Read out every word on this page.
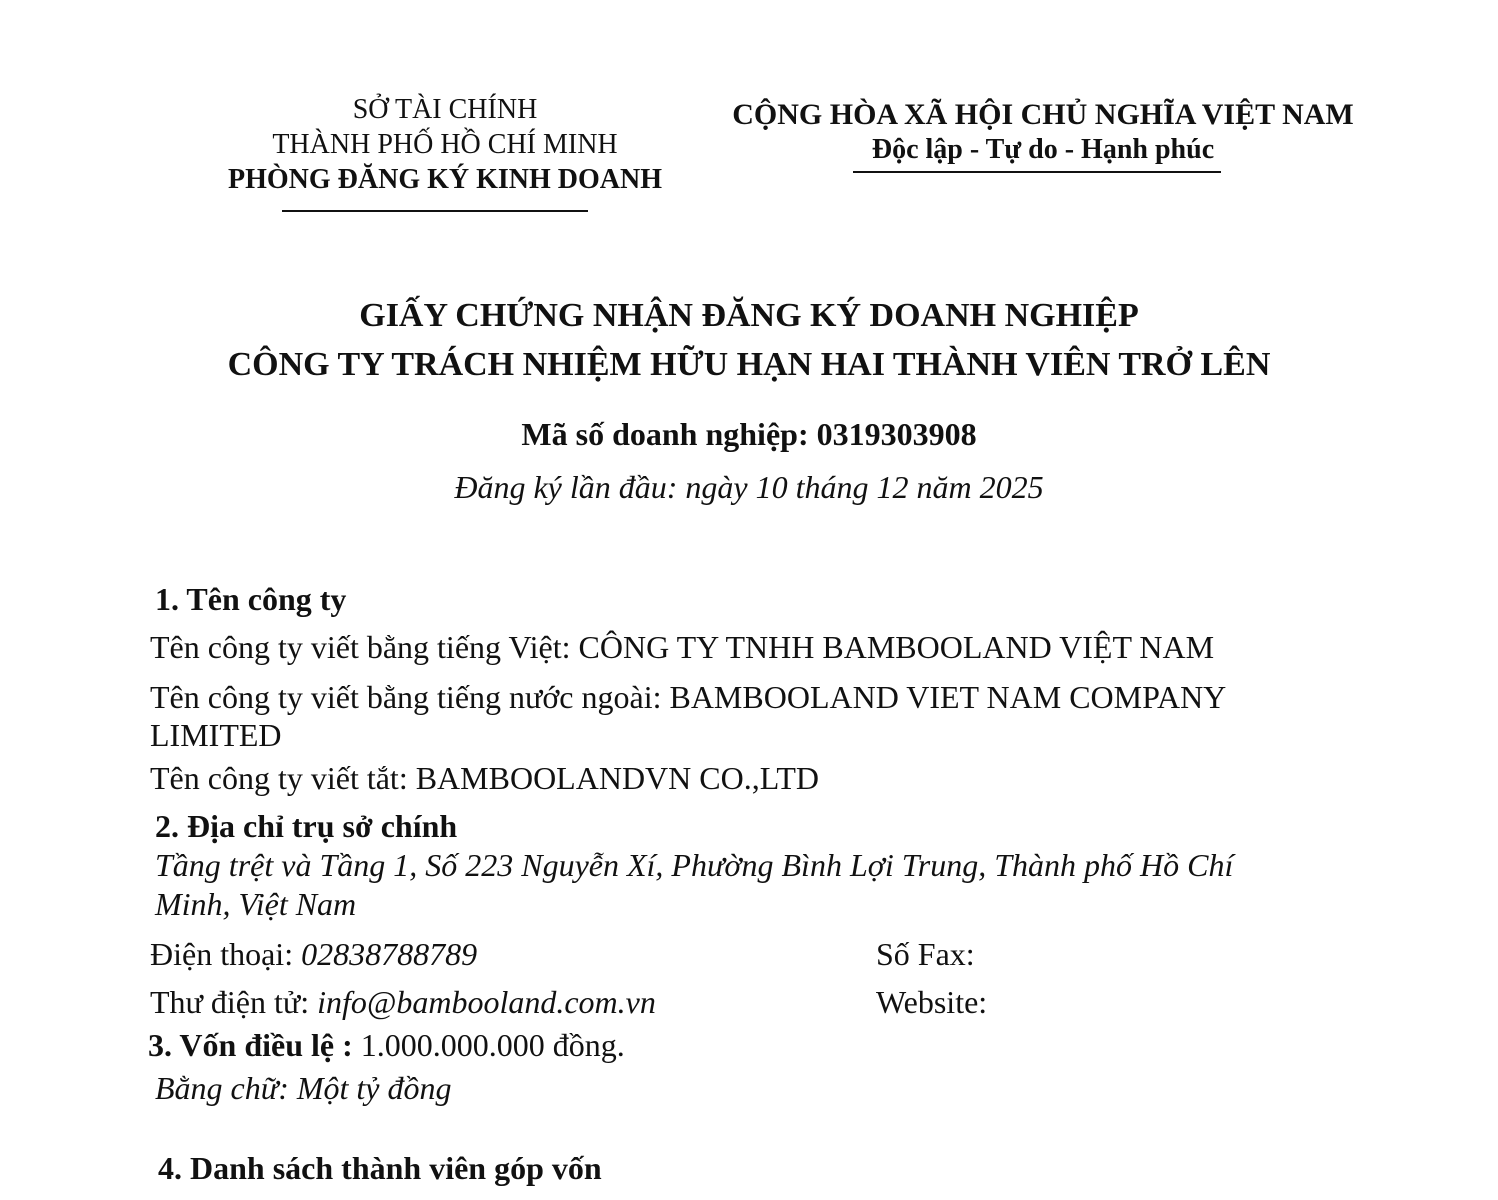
SỞ TÀI CHÍNH
THÀNH PHỐ HỒ CHÍ MINH
PHÒNG ĐĂNG KÝ KINH DOANH
CỘNG HÒA XÃ HỘI CHỦ NGHĨA VIỆT NAM
Độc lập - Tự do - Hạnh phúc
GIẤY CHỨNG NHẬN ĐĂNG KÝ DOANH NGHIỆP
CÔNG TY TRÁCH NHIỆM HỮU HẠN HAI THÀNH VIÊN TRỞ LÊN
Mã số doanh nghiệp: 0319303908
Đăng ký lần đầu: ngày 10 tháng 12 năm 2025
1. Tên công ty
Tên công ty viết bằng tiếng Việt: CÔNG TY TNHH BAMBOOLAND VIỆT NAM
Tên công ty viết bằng tiếng nước ngoài: BAMBOOLAND VIET NAM COMPANY
LIMITED
Tên công ty viết tắt: BAMBOOLANDVN CO.,LTD
2. Địa chỉ trụ sở chính
Tầng trệt và Tầng 1, Số 223 Nguyễn Xí, Phường Bình Lợi Trung, Thành phố Hồ Chí
Minh, Việt Nam
Điện thoại: 02838788789	Số Fax:
Thư điện tử: info@bambooland.com.vn	Website:
3. Vốn điều lệ : 1.000.000.000 đồng.
Bằng chữ: Một tỷ đồng
4. Danh sách thành viên góp vốn
